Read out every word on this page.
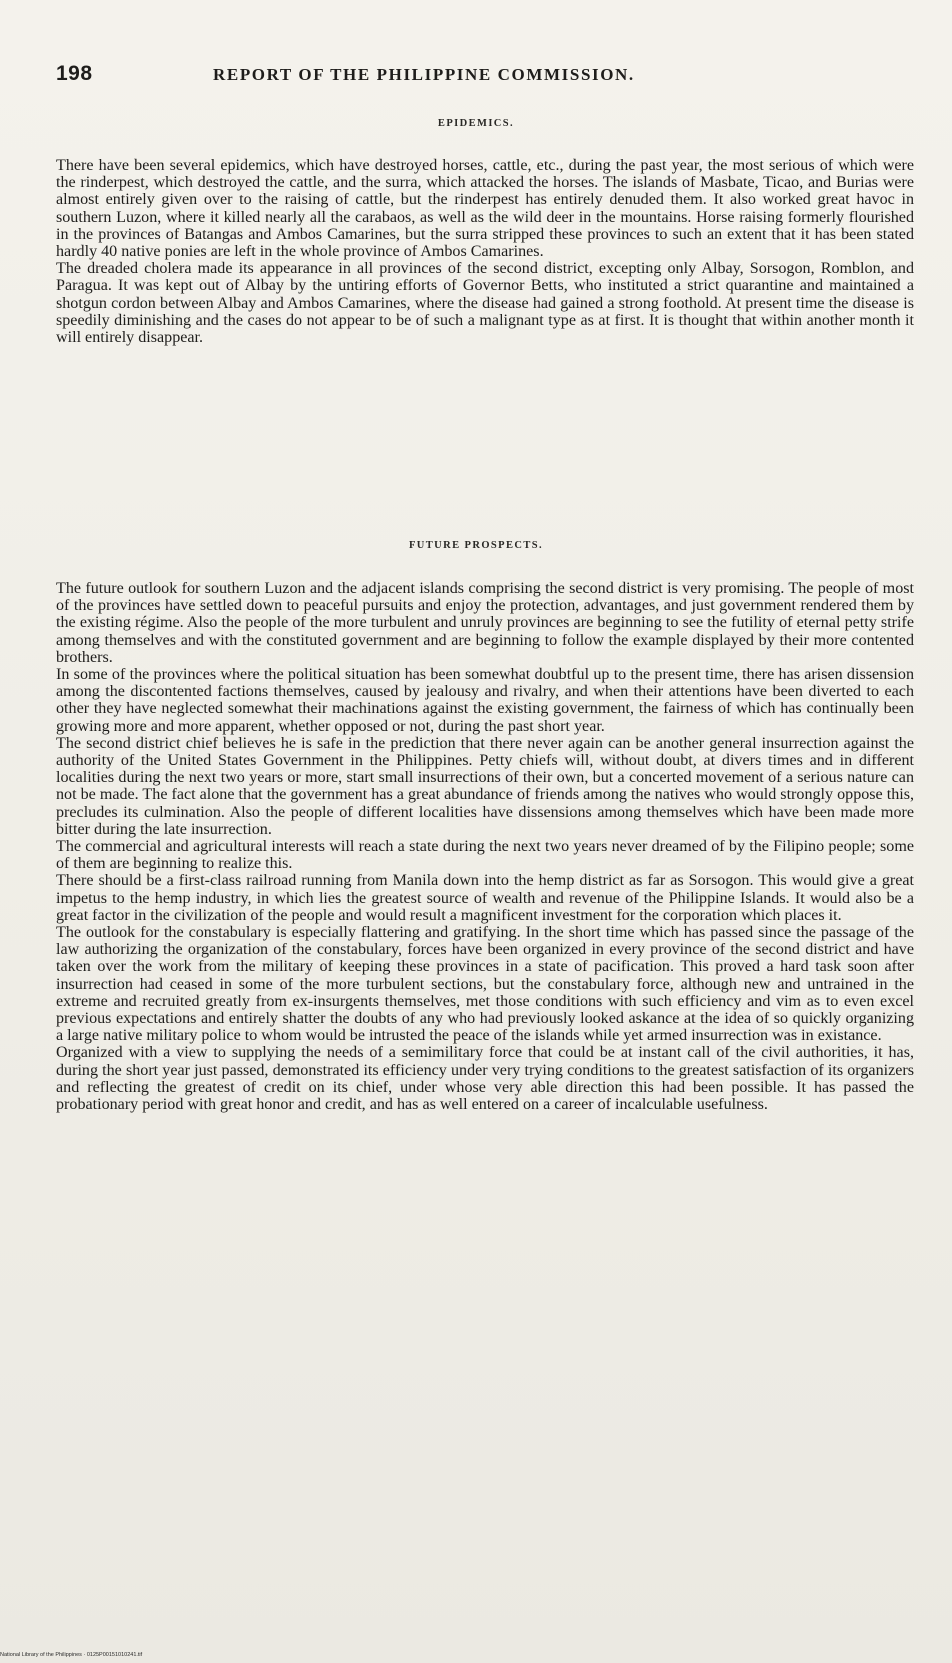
198	REPORT OF THE PHILIPPINE COMMISSION.
EPIDEMICS.

There have been several epidemics, which have destroyed horses, cattle, etc., during the past year, the most serious of which were the rinderpest, which destroyed the cattle, and the surra, which attacked the horses. The islands of Masbate, Ticao, and Burias were almost entirely given over to the raising of cattle, but the rinderpest has entirely denuded them. It also worked great havoc in southern Luzon, where it killed nearly all the carabaos, as well as the wild deer in the mountains. Horse raising formerly flourished in the provinces of Batangas and Ambos Camarines, but the surra stripped these provinces to such an extent that it has been stated hardly 40 native ponies are left in the whole province of Ambos Camarines.

The dreaded cholera made its appearance in all provinces of the second district, excepting only Albay, Sorsogon, Romblon, and Paragua. It was kept out of Albay by the untiring efforts of Governor Betts, who instituted a strict quarantine and maintained a shotgun cordon between Albay and Ambos Camarines, where the disease had gained a strong foothold. At present time the disease is speedily diminishing and the cases do not appear to be of such a malignant type as at first. It is thought that within another month it will entirely disappear.

FUTURE PROSPECTS.

The future outlook for southern Luzon and the adjacent islands comprising the second district is very promising. The people of most of the provinces have settled down to peaceful pursuits and enjoy the protection, advantages, and just government rendered them by the existing régime. Also the people of the more turbulent and unruly provinces are beginning to see the futility of eternal petty strife among themselves and with the constituted government and are beginning to follow the example displayed by their more contented brothers.

In some of the provinces where the political situation has been somewhat doubtful up to the present time, there has arisen dissension among the discontented factions themselves, caused by jealousy and rivalry, and when their attentions have been diverted to each other they have neglected somewhat their machinations against the existing government, the fairness of which has continually been growing more and more apparent, whether opposed or not, during the past short year.

The second district chief believes he is safe in the prediction that there never again can be another general insurrection against the authority of the United States Government in the Philippines. Petty chiefs will, without doubt, at divers times and in different localities during the next two years or more, start small insurrections of their own, but a concerted movement of a serious nature can not be made. The fact alone that the government has a great abundance of friends among the natives who would strongly oppose this, precludes its culmination. Also the people of different localities have dissensions among themselves which have been made more bitter during the late insurrection.

The commercial and agricultural interests will reach a state during the next two years never dreamed of by the Filipino people; some of them are beginning to realize this.

There should be a first-class railroad running from Manila down into the hemp district as far as Sorsogon. This would give a great impetus to the hemp industry, in which lies the greatest source of wealth and revenue of the Philippine Islands. It would also be a great factor in the civilization of the people and would result a magnificent investment for the corporation which places it.

The outlook for the constabulary is especially flattering and gratifying. In the short time which has passed since the passage of the law authorizing the organization of the constabulary, forces have been organized in every province of the second district and have taken over the work from the military of keeping these provinces in a state of pacification. This proved a hard task soon after insurrection had ceased in some of the more turbulent sections, but the constabulary force, although new and untrained in the extreme and recruited greatly from ex-insurgents themselves, met those conditions with such efficiency and vim as to even excel previous expectations and entirely shatter the doubts of any who had previously looked askance at the idea of so quickly organizing a large native military police to whom would be intrusted the peace of the islands while yet armed insurrection was in existance.

Organized with a view to supplying the needs of a semimilitary force that could be at instant call of the civil authorities, it has, during the short year just passed, demonstrated its efficiency under very trying conditions to the greatest satisfaction of its organizers and reflecting the greatest of credit on its chief, under whose very able direction this had been possible. It has passed the probationary period with great honor and credit, and has as well entered on a career of incalculable usefulness.

National Library of the Philippines · 0125P00151010241.tif
